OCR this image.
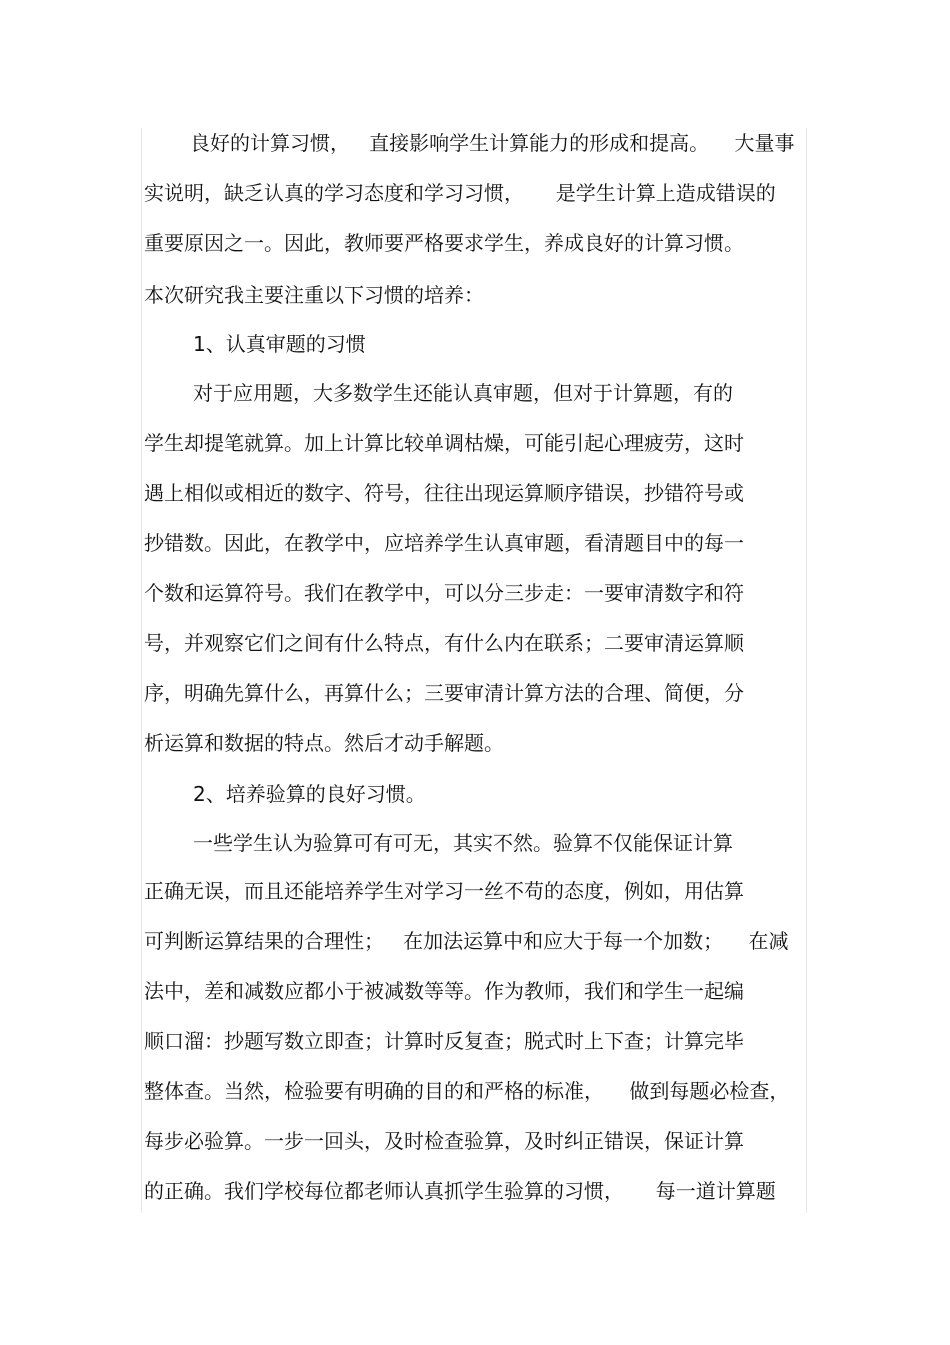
良好的计算习惯，   直接影响学生计算能力的形成和提高。    大量事
实说明，缺乏认真的学习态度和学习习惯，     是学生计算上造成错误的
重要原因之一。因此，教师要严格要求学生，养成良好的计算习惯。
本次研究我主要注重以下习惯的培养：
1、认真审题的习惯
对于应用题，大多数学生还能认真审题，但对于计算题，有的
学生却提笔就算。加上计算比较单调枯燥，可能引起心理疲劳，这时
遇上相似或相近的数字、符号，往往出现运算顺序错误，抄错符号或
抄错数。因此，在教学中，应培养学生认真审题，看清题目中的每一
个数和运算符号。我们在教学中，可以分三步走：一要审清数字和符
号，并观察它们之间有什么特点，有什么内在联系；二要审清运算顺
序，明确先算什么，再算什么；三要审清计算方法的合理、简便，分
析运算和数据的特点。然后才动手解题。
2、培养验算的良好习惯。
一些学生认为验算可有可无，其实不然。验算不仅能保证计算
正确无误，而且还能培养学生对学习一丝不苟的态度，例如，用估算
可判断运算结果的合理性；   在加法运算中和应大于每一个加数；    在减
法中，差和减数应都小于被减数等等。作为教师，我们和学生一起编
顺口溜：抄题写数立即查；计算时反复查；脱式时上下查；计算完毕
整体查。当然，检验要有明确的目的和严格的标准，    做到每题必检查，
每步必验算。一步一回头，及时检查验算，及时纠正错误，保证计算
的正确。我们学校每位都老师认真抓学生验算的习惯，     每一道计算题
